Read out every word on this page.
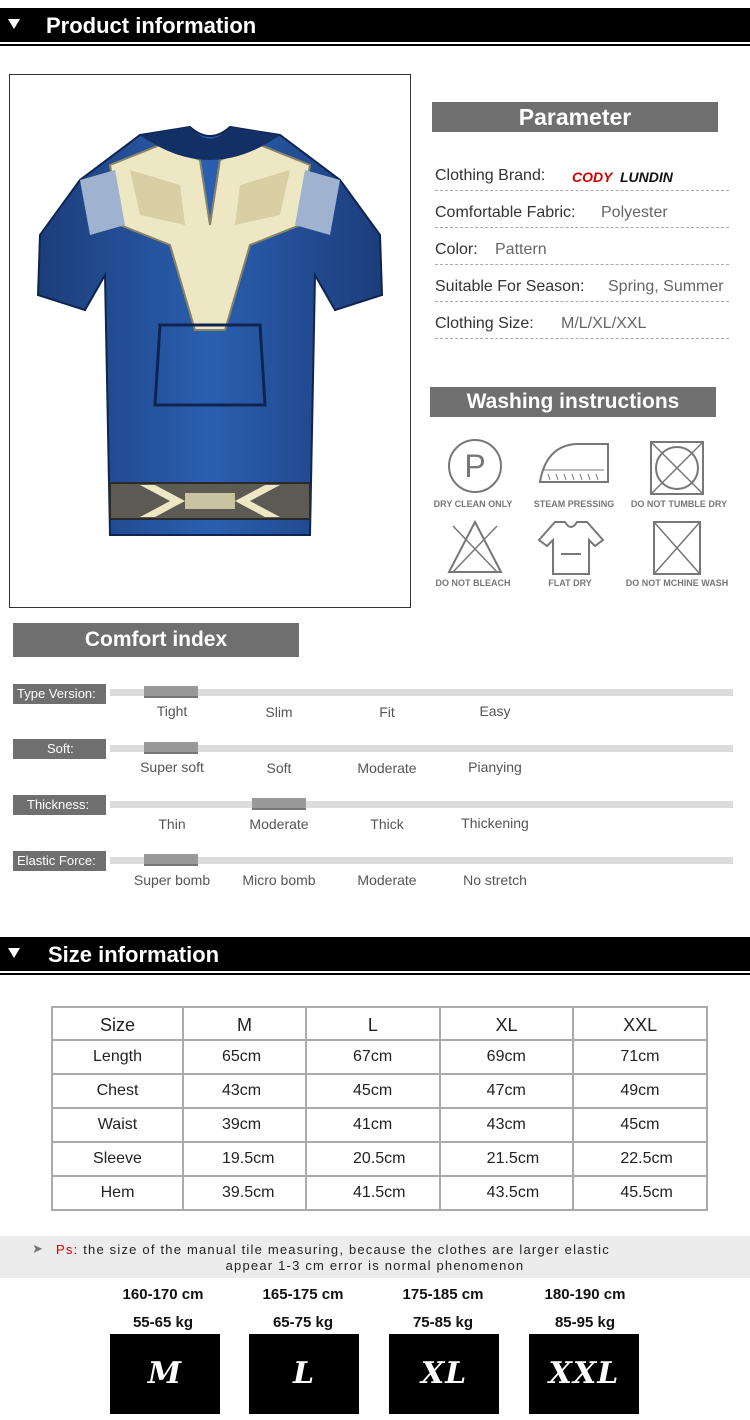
Product information
Parameter
Clothing Brand: CODY LUNDIN
Comfortable Fabric: Polyester
Color: Pattern
Suitable For Season: Spring, Summer
Clothing Size: M/L/XL/XXL
Washing instructions
P
DRY CLEAN ONLY	STEAM PRESSING	DO NOT TUMBLE DRY
DO NOT BLEACH	FLAT DRY	DO NOT MCHINE WASH
Comfort index
Type Version:
Tight	Slim	Fit	Easy
Soft:
Super soft	Soft	Moderate	Pianying
Thickness:
Thin	Moderate	Thick	Thickening
Elastic Force:
Super bomb	Micro bomb	Moderate	No stretch
Size information
Size	M	L	XL	XXL
Length	65cm	67cm	69cm	71cm
Chest	43cm	45cm	47cm	49cm
Waist	39cm	41cm	43cm	45cm
Sleeve	19.5cm	20.5cm	21.5cm	22.5cm
Hem	39.5cm	41.5cm	43.5cm	45.5cm
➤ Ps: the size of the manual tile measuring, because the clothes are larger elastic
appear 1-3 cm error is normal phenomenon
160-170 cm	165-175 cm	175-185 cm	180-190 cm
55-65 kg	65-75 kg	75-85 kg	85-95 kg
M	L	XL	XXL
